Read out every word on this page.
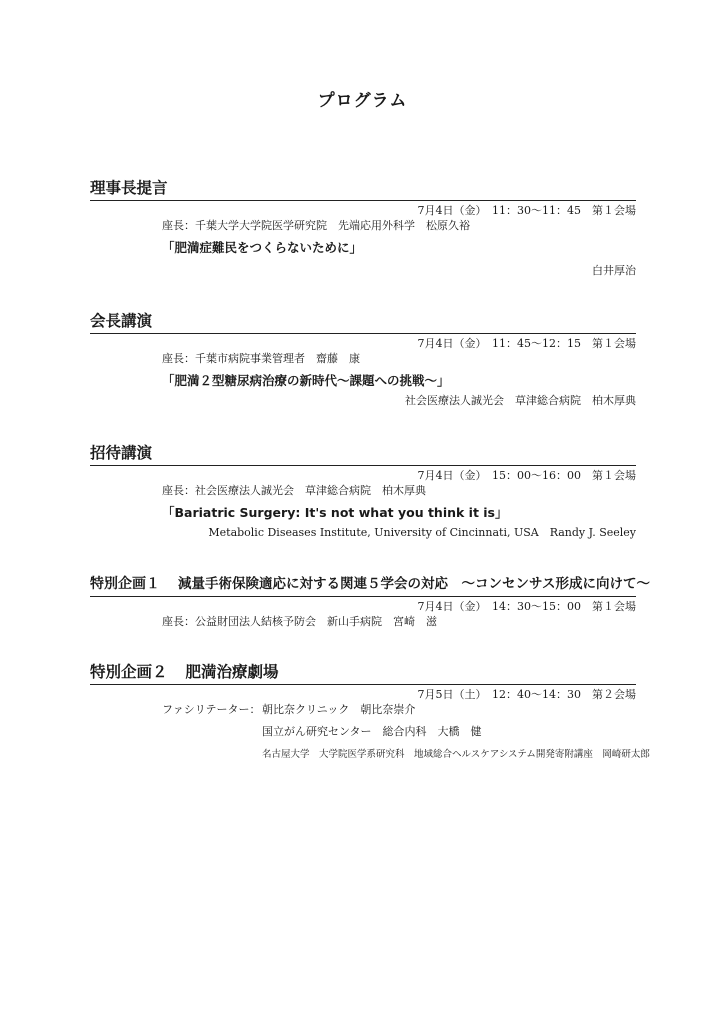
プログラム
理事長提言
7月4日（金）　11：30～11：45　第１会場
座長：千葉大学大学院医学研究院　先端応用外科学　松原久裕
「肥満症難民をつくらないために」
白井厚治
会長講演
7月4日（金）　11：45～12：15　第１会場
座長：千葉市病院事業管理者　齋藤　康
「肥満２型糖尿病治療の新時代～課題への挑戦～」
社会医療法人誠光会　草津総合病院　柏木厚典
招待講演
7月4日（金）　15：00～16：00　第１会場
座長：社会医療法人誠光会　草津総合病院　柏木厚典
「Bariatric Surgery: It's not what you think it is」
Metabolic Diseases Institute, University of Cincinnati, USA　Randy J. Seeley
特別企画１ 減量手術保険適応に対する関連５学会の対応　～コンセンサス形成に向けて～
7月4日（金）　14：30～15：00　第１会場
座長：公益財団法人結核予防会　新山手病院　宮崎　滋
特別企画２ 肥満治療劇場
7月5日（土）　12：40～14：30　第２会場
ファシリテーター：朝比奈クリニック　朝比奈崇介
国立がん研究センター　総合内科　大橋　健
名古屋大学　大学院医学系研究科　地域総合ヘルスケアシステム開発寄附講座　岡崎研太郎
